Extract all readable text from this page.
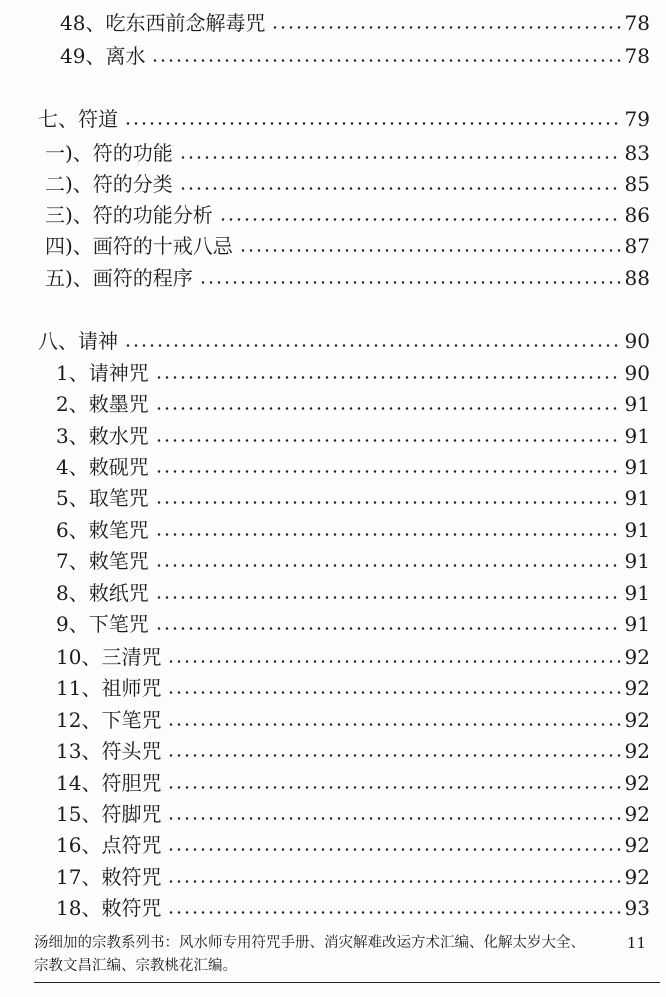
48、吃东西前念解毒咒	78
49、离水	78
七、符道	79
一)、符的功能	83
二)、符的分类	85
三)、符的功能分析	86
四)、画符的十戒八忌	87
五)、画符的程序	88
八、请神	90
1、请神咒	90
2、敕墨咒	91
3、敕水咒	91
4、敕砚咒	91
5、取笔咒	91
6、敕笔咒	91
7、敕笔咒	91
8、敕纸咒	91
9、下笔咒	91
10、三清咒	92
11、祖师咒	92
12、下笔咒	92
13、符头咒	92
14、符胆咒	92
15、符脚咒	92
16、点符咒	92
17、敕符咒	92
18、敕符咒	93
汤细加的宗教系列书：风水师专用符咒手册、消灾解难改运方术汇编、化解太岁大全、宗教文昌汇编、宗教桃花汇编。
11
